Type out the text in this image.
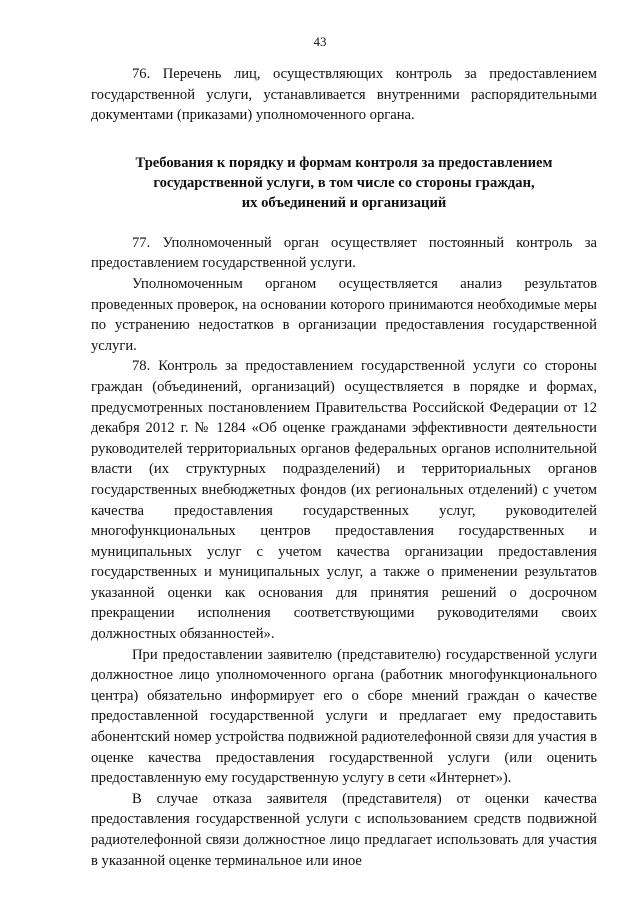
43

76. Перечень лиц, осуществляющих контроль за предоставлением государственной услуги, устанавливается внутренними распорядительными документами (приказами) уполномоченного органа.

Требования к порядку и формам контроля за предоставлением
государственной услуги, в том числе со стороны граждан,
их объединений и организаций

77. Уполномоченный орган осуществляет постоянный контроль за предоставлением государственной услуги.

Уполномоченным органом осуществляется анализ результатов проведенных проверок, на основании которого принимаются необходимые меры по устранению недостатков в организации предоставления государственной услуги.

78. Контроль за предоставлением государственной услуги со стороны граждан (объединений, организаций) осуществляется в порядке и формах, предусмотренных постановлением Правительства Российской Федерации от 12 декабря 2012 г. № 1284 «Об оценке гражданами эффективности деятельности руководителей территориальных органов федеральных органов исполнительной власти (их структурных подразделений) и территориальных органов государственных внебюджетных фондов (их региональных отделений) с учетом качества предоставления государственных услуг, руководителей многофункциональных центров предоставления государственных и муниципальных услуг с учетом качества организации предоставления государственных и муниципальных услуг, а также о применении результатов указанной оценки как основания для принятия решений о досрочном прекращении исполнения соответствующими руководителями своих должностных обязанностей».

При предоставлении заявителю (представителю) государственной услуги должностное лицо уполномоченного органа (работник многофункционального центра) обязательно информирует его о сборе мнений граждан о качестве предоставленной государственной услуги и предлагает ему предоставить абонентский номер устройства подвижной радиотелефонной связи для участия в оценке качества предоставления государственной услуги (или оценить предоставленную ему государственную услугу в сети «Интернет»).

В случае отказа заявителя (представителя) от оценки качества предоставления государственной услуги с использованием средств подвижной радиотелефонной связи должностное лицо предлагает использовать для участия в указанной оценке терминальное или иное
